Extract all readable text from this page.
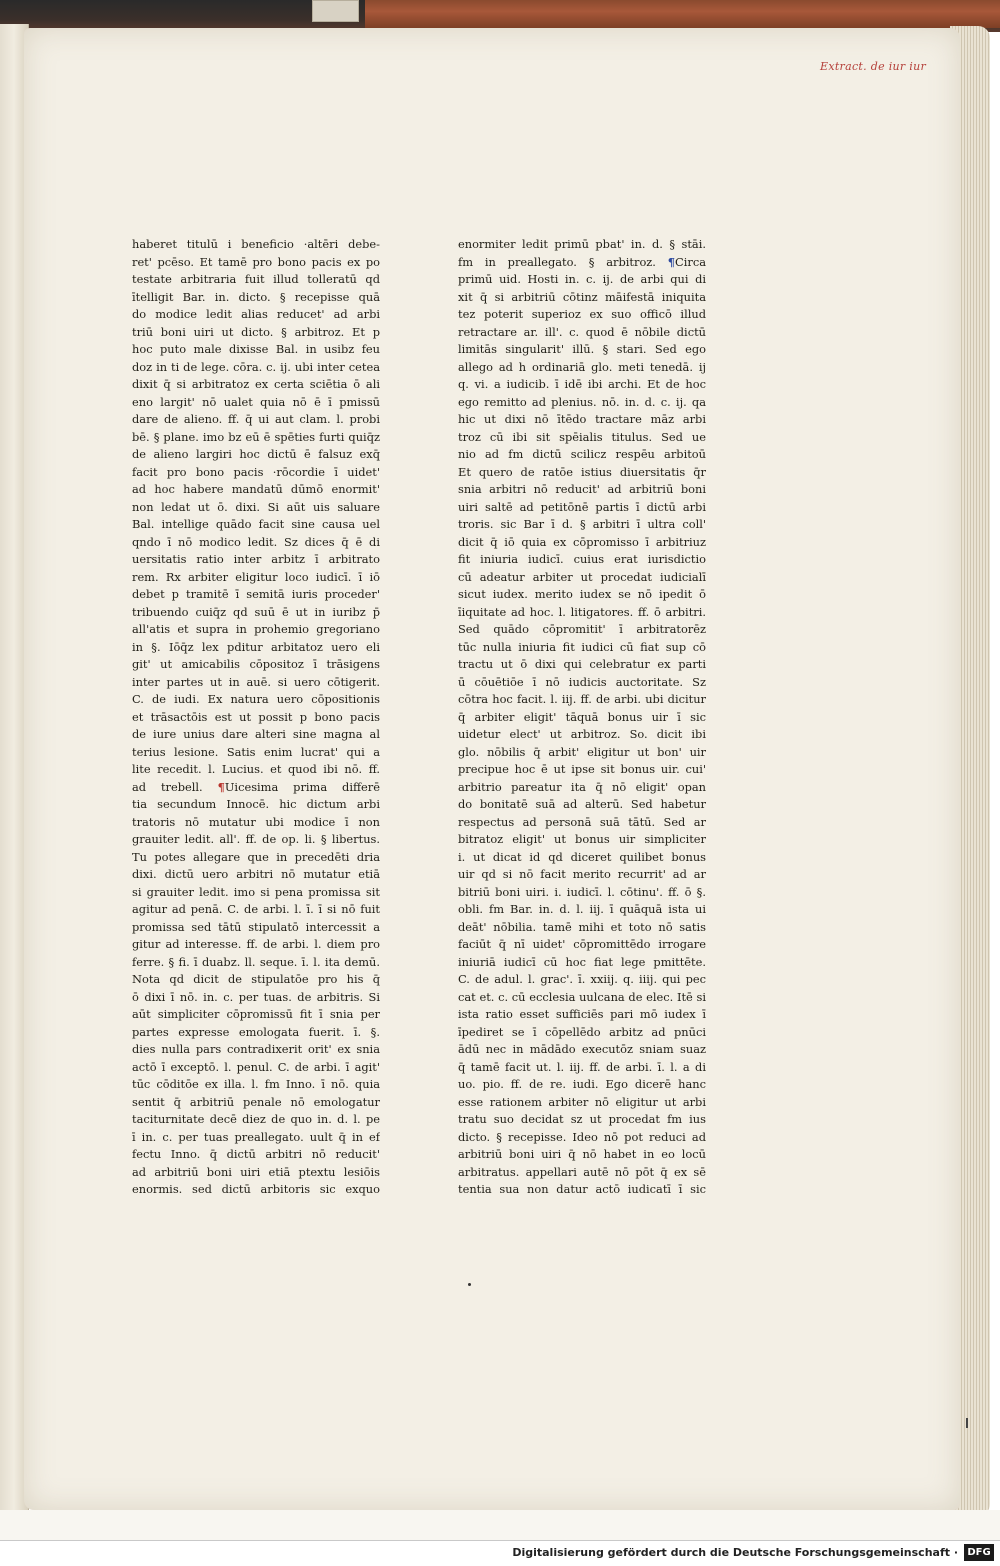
Extract. de iur iur
haberet titulū i beneficio ·altēri debe-
ret' pcēso. Et tamē pro bono pacis ex po
testate arbitraria fuit illud tolleratū qd
ītelligit Bar. in. dicto. § recepisse quā
do modice ledit alias reducet' ad arbi
triū boni uiri ut dicto. § arbitroz. Et p
hoc puto male dixisse Bal. in usibz feu
doz in ti de lege. cōra. c. ij. ubi inter cetea
dixit q̄ si arbitratoz ex certa sciētia ō ali
eno largit' nō ualet quia nō ē ī pmissū
dare de alieno. ff. q̄ ui aut clam. l. probi
bē. § plane. imo bz eū ē spēties furti quiq̄z
de alieno largiri hoc dictū ē falsuz exq̄
facit pro bono pacis ·rōcordie ī uidet'
ad hoc habere mandatū dūmō enormit'
non ledat ut ō. dixi. Si aūt uis saluare
Bal. intellige quādo facit sine causa uel
qndo ī nō modico ledit. Sz dices q̄ ē di
uersitatis ratio inter arbitz ī arbitrato
rem. Rx arbiter eligitur loco iudicī. ī iō
debet p tramitē ī semitā iuris proceder'
tribuendo cuiq̄z qd suū ē ut in iuribz p̄
all'atis et supra in prohemio gregoriano
in §. Iōq̄z lex pditur arbitatoz uero eli
git' ut amicabilis cōpositoz ī trāsigens
inter partes ut in auē. si uero cōtigerit.
C. de iudi. Ex natura uero cōpositionis
et trāsactōis est ut possit p bono pacis
de iure unius dare alteri sine magna al
terius lesione. Satis enim lucrat' qui a
lite recedit. l. Lucius. et quod ibi nō. ff.
ad trebell. ¶Uicesima prima differē
tia secundum Innocē. hic dictum arbi
tratoris nō mutatur ubi modice ī non
grauiter ledit. all'. ff. de op. li. § libertus.
Tu potes allegare que in precedēti dria
dixi. dictū uero arbitri nō mutatur etiā
si grauiter ledit. imo si pena promissa sit
agitur ad penā. C. de arbi. l. ī. ī si nō fuit
promissa sed tātū stipulatō intercessit a
gitur ad interesse. ff. de arbi. l. diem pro
ferre. § fi. ī duabz. ll. seque. ī. l. ita demū.
Nota qd dicit de stipulatōe pro his q̄
ō dixi ī nō. in. c. per tuas. de arbitris. Si
aūt simpliciter cōpromissū fit ī snia per
partes expresse emologata fuerit. ī. §.
dies nulla pars contradixerit orit' ex snia
actō ī exceptō. l. penul. C. de arbi. ī agit'
tūc cōditōe ex illa. l. fm Inno. ī nō. quia
sentit q̄ arbitriū penale nō emologatur
taciturnitate decē diez de quo in. d. l. pe
ī in. c. per tuas preallegato. uult q̄ in ef
fectu Inno. q̄ dictū arbitri nō reducit'
ad arbitriū boni uiri etiā ptextu lesiōis
enormis. sed dictū arbitoris sic exquo
enormiter ledit primū pbat' in. d. § stāi.
fm in preallegato. § arbitroz. ¶Circa
primū uid. Hosti in. c. ij. de arbi qui di
xit q̄ si arbitriū cōtinz māifestā iniquita
tez poterit superioz ex suo officō illud
retractare ar. ill'. c. quod ē nōbile dictū
limitās singularit' illū. § stari. Sed ego
allego ad h ordinariā glo. meti tenedā. ij
q. vi. a iudicib. ī idē ibi archi. Et de hoc
ego remitto ad plenius. nō. in. d. c. ij. qa
hic ut dixi nō ītēdo tractare māz arbi
troz cū ibi sit spēialis titulus. Sed ue
nio ad fm dictū scilicz respēu arbitoū
Et quero de ratōe istius diuersitatis q̄r
snia arbitri nō reducit' ad arbitriū boni
uiri saltē ad petitōnē partis ī dictū arbi
troris. sic Bar ī d. § arbitri ī ultra coll'
dicit q̄ iō quia ex cōpromisso ī arbitriuz
fit iniuria iudicī. cuius erat iurisdictio
cū adeatur arbiter ut procedat iudicialī
sicut iudex. merito iudex se nō ipedit ō
īiquitate ad hoc. l. litigatores. ff. ō arbitri.
Sed quādo cōpromitit' ī arbitratorēz
tūc nulla iniuria fit iudici cū fiat sup cō
tractu ut ō dixi qui celebratur ex parti
ū cōuētiōe ī nō iudicis auctoritate. Sz
cōtra hoc facit. l. iij. ff. de arbi. ubi dicitur
q̄ arbiter eligit' tāquā bonus uir ī sic
uidetur elect' ut arbitroz. So. dicit ibi
glo. nōbilis q̄ arbit' eligitur ut bon' uir
precipue hoc ē ut ipse sit bonus uir. cui'
arbitrio pareatur ita q̄ nō eligit' opan
do bonitatē suā ad alterū. Sed habetur
respectus ad personā suā tātū. Sed ar
bitratoz eligit' ut bonus uir simpliciter
i. ut dicat id qd diceret quilibet bonus
uir qd si nō facit merito recurrit' ad ar
bitriū boni uiri. i. iudicī. l. cōtinu'. ff. ō §.
obli. fm Bar. in. d. l. iij. ī quāquā ista ui
deāt' nōbilia. tamē mihi et toto nō satis
faciūt q̄ nī uidet' cōpromittēdo irrogare
iniuriā iudicī cū hoc fiat lege pmittēte.
C. de adul. l. grac'. ī. xxiij. q. iiij. qui pec
cat et. c. cū ecclesia uulcana de elec. Itē si
ista ratio esset sufficiēs pari mō iudex ī
īpediret se ī cōpellēdo arbitz ad pnūci
ādū nec in mādādo executōz sniam suaz
q̄ tamē facit ut. l. iij. ff. de arbi. ī. l. a di
uo. pio. ff. de re. iudi. Ego dicerē hanc
esse rationem arbiter nō eligitur ut arbi
tratu suo decidat sz ut procedat fm ius
dicto. § recepisse. Ideo nō pot reduci ad
arbitriū boni uiri q̄ nō habet in eo locū
arbitratus. appellari autē nō pōt q̄ ex sē
tentia sua non datur actō iudicatī ī sic
Digitalisierung gefördert durch die Deutsche Forschungsgemeinschaft · DFG
